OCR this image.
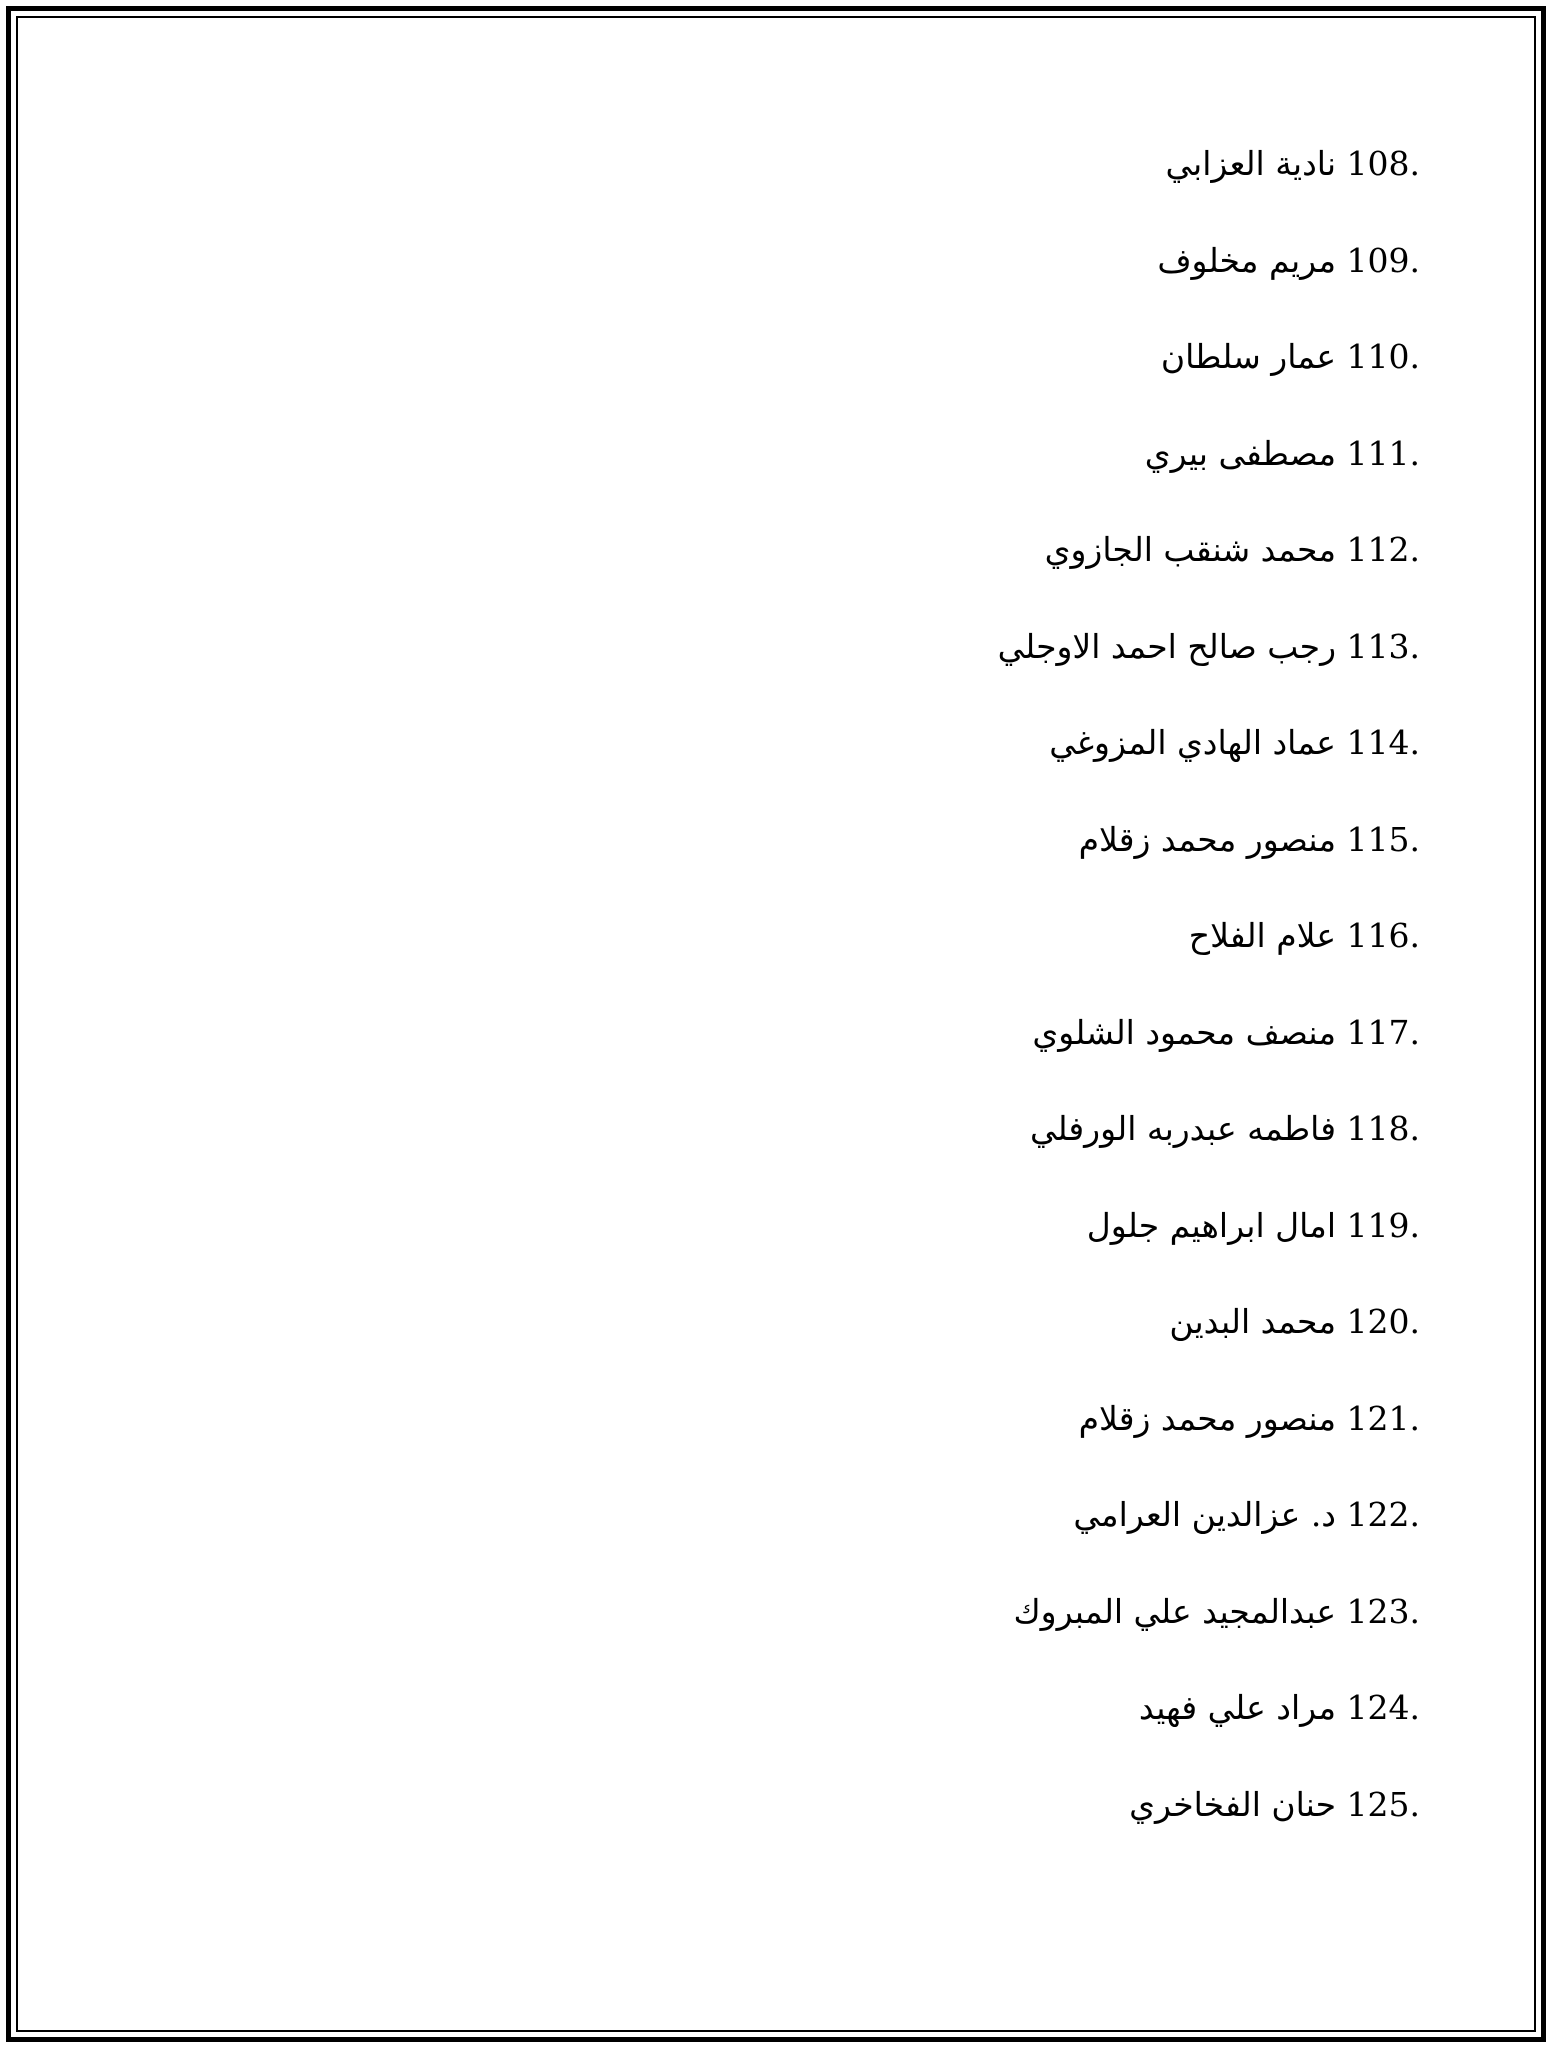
108. نادية العزابي
109. مريم مخلوف
110. عمار سلطان
111. مصطفى بيري
112. محمد شنقب الجازوي
113. رجب صالح احمد الاوجلي
114. عماد الهادي المزوغي
115. منصور محمد زقلام
116. علام الفلاح
117. منصف محمود الشلوي
118. فاطمه عبدربه الورفلي
119. امال ابراهيم جلول
120. محمد البدين
121. منصور محمد زقلام
122. د. عزالدين العرامي
123. عبدالمجيد علي المبروك
124. مراد علي فهيد
125. حنان الفخاخري
